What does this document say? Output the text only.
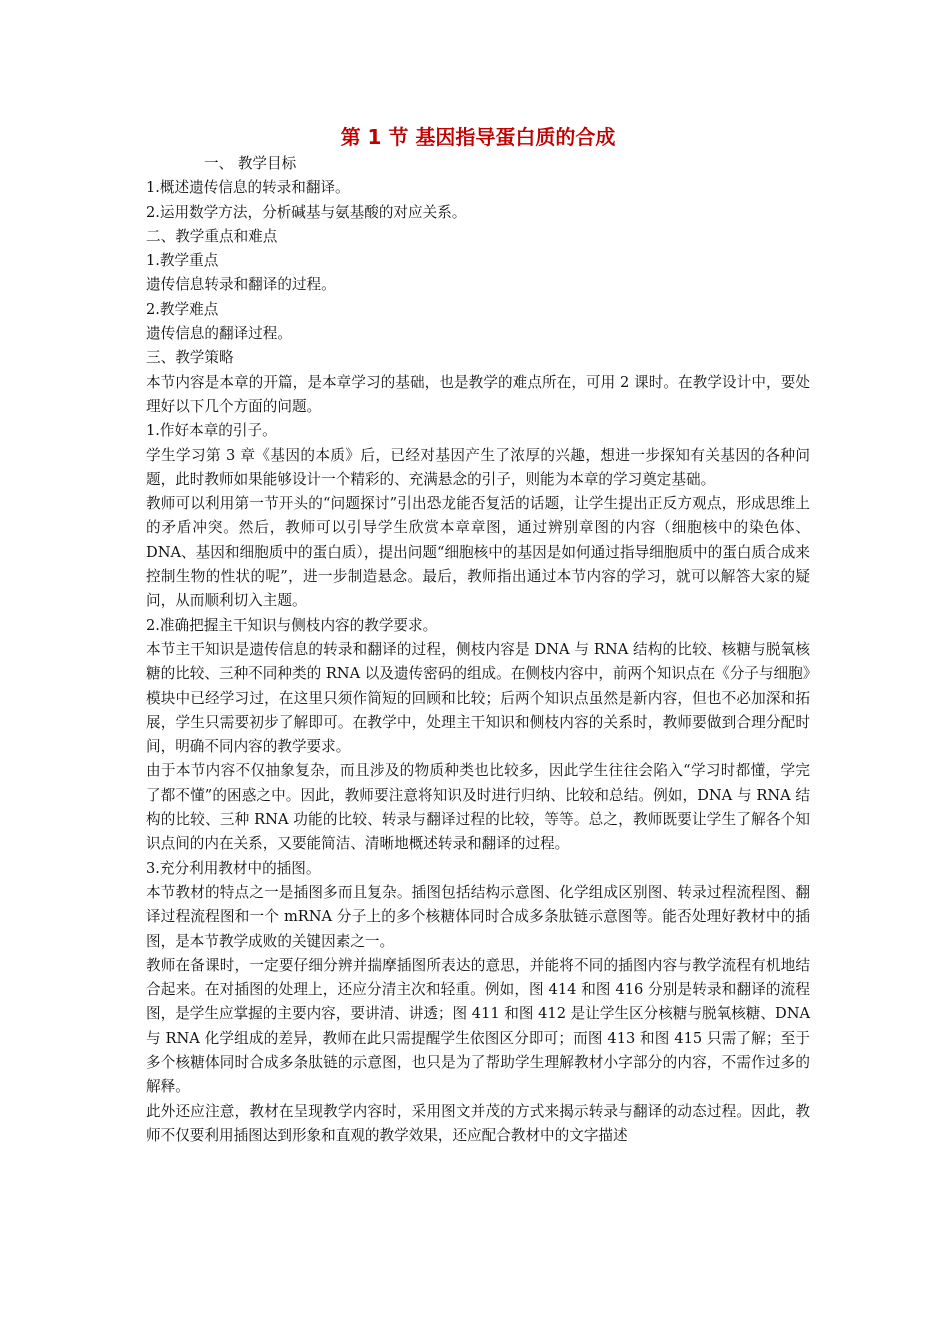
第 1 节 基因指导蛋白质的合成

一、 教学目标

1.概述遗传信息的转录和翻译。

2.运用数学方法，分析碱基与氨基酸的对应关系。

二、教学重点和难点

1.教学重点

遗传信息转录和翻译的过程。

2.教学难点

遗传信息的翻译过程。

三、教学策略

本节内容是本章的开篇，是本章学习的基础，也是教学的难点所在，可用 2 课时。在教学设计中，要处理好以下几个方面的问题。

1.作好本章的引子。

学生学习第 3 章《基因的本质》后，已经对基因产生了浓厚的兴趣，想进一步探知有关基因的各种问题，此时教师如果能够设计一个精彩的、充满悬念的引子，则能为本章的学习奠定基础。

教师可以利用第一节开头的“问题探讨”引出恐龙能否复活的话题，让学生提出正反方观点，形成思维上的矛盾冲突。然后，教师可以引导学生欣赏本章章图，通过辨别章图的内容（细胞核中的染色体、DNA、基因和细胞质中的蛋白质），提出问题“细胞核中的基因是如何通过指导细胞质中的蛋白质合成来控制生物的性状的呢”，进一步制造悬念。最后，教师指出通过本节内容的学习，就可以解答大家的疑问，从而顺利切入主题。

2.准确把握主干知识与侧枝内容的教学要求。

本节主干知识是遗传信息的转录和翻译的过程，侧枝内容是 DNA 与 RNA 结构的比较、核糖与脱氧核糖的比较、三种不同种类的 RNA 以及遗传密码的组成。在侧枝内容中，前两个知识点在《分子与细胞》模块中已经学习过，在这里只须作简短的回顾和比较；后两个知识点虽然是新内容，但也不必加深和拓展，学生只需要初步了解即可。在教学中，处理主干知识和侧枝内容的关系时，教师要做到合理分配时间，明确不同内容的教学要求。

由于本节内容不仅抽象复杂，而且涉及的物质种类也比较多，因此学生往往会陷入“学习时都懂，学完了都不懂”的困惑之中。因此，教师要注意将知识及时进行归纳、比较和总结。例如，DNA 与 RNA 结构的比较、三种 RNA 功能的比较、转录与翻译过程的比较，等等。总之，教师既要让学生了解各个知识点间的内在关系，又要能简洁、清晰地概述转录和翻译的过程。

3.充分利用教材中的插图。

本节教材的特点之一是插图多而且复杂。插图包括结构示意图、化学组成区别图、转录过程流程图、翻译过程流程图和一个 mRNA 分子上的多个核糖体同时合成多条肽链示意图等。能否处理好教材中的插图，是本节教学成败的关键因素之一。

教师在备课时，一定要仔细分辨并揣摩插图所表达的意思，并能将不同的插图内容与教学流程有机地结合起来。在对插图的处理上，还应分清主次和轻重。例如，图 414 和图 416 分别是转录和翻译的流程图，是学生应掌握的主要内容，要讲清、讲透；图 411 和图 412 是让学生区分核糖与脱氧核糖、DNA 与 RNA 化学组成的差异，教师在此只需提醒学生依图区分即可；而图 413 和图 415 只需了解；至于多个核糖体同时合成多条肽链的示意图，也只是为了帮助学生理解教材小字部分的内容，不需作过多的解释。

此外还应注意，教材在呈现教学内容时，采用图文并茂的方式来揭示转录与翻译的动态过程。因此，教师不仅要利用插图达到形象和直观的教学效果，还应配合教材中的文字描述
